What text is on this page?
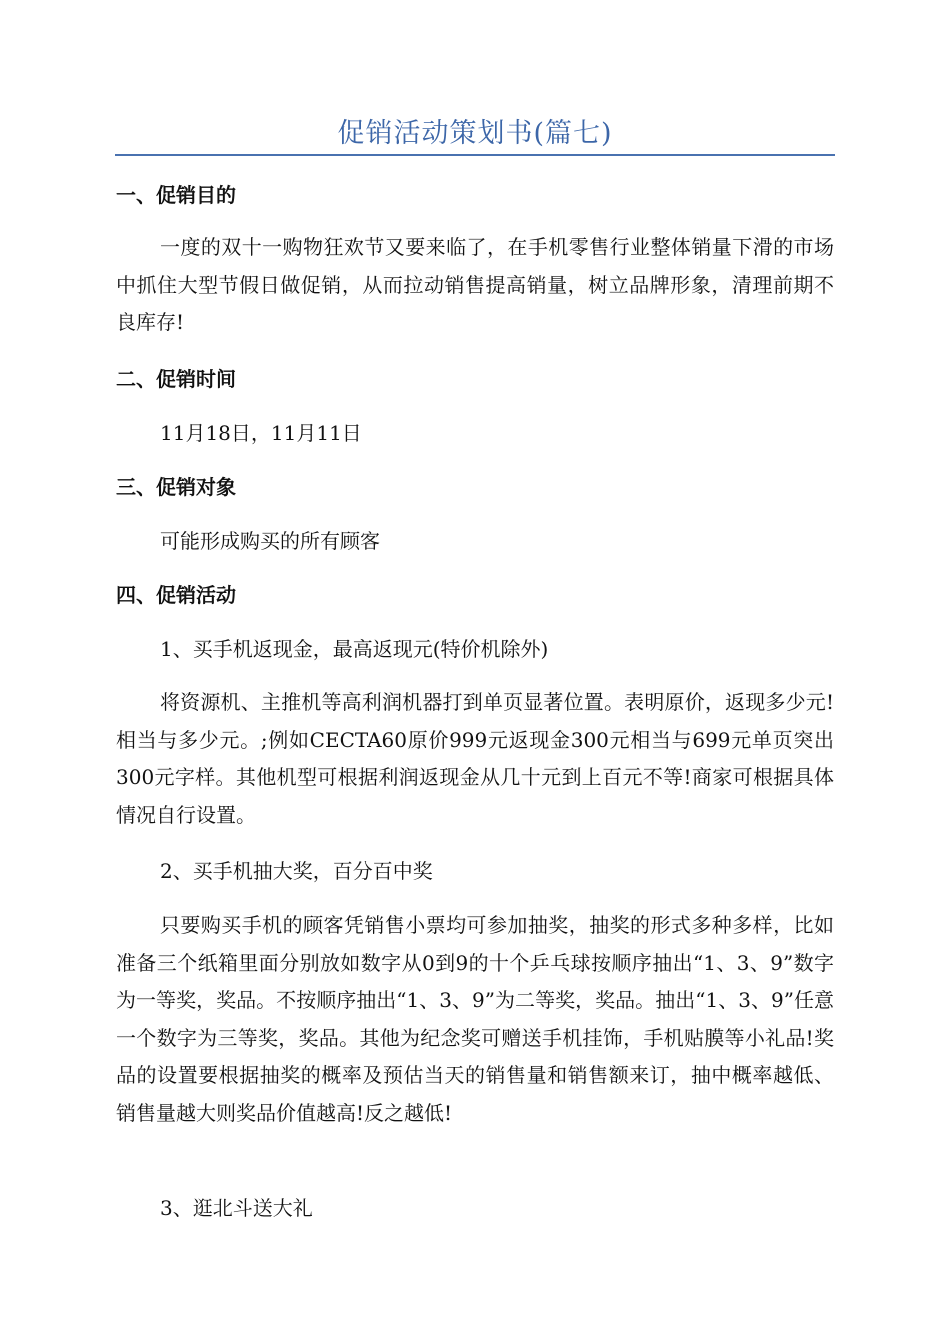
促销活动策划书(篇七)
一、促销目的
一度的双十一购物狂欢节又要来临了，在手机零售行业整体销量下滑的市场中抓住大型节假日做促销，从而拉动销售提高销量，树立品牌形象，清理前期不良库存!
二、促销时间
11月18日，11月11日
三、促销对象
可能形成购买的所有顾客
四、促销活动
1、买手机返现金，最高返现元(特价机除外)
将资源机、主推机等高利润机器打到单页显著位置。表明原价，返现多少元!相当与多少元。;例如CECTA60原价999元返现金300元相当与699元单页突出300元字样。其他机型可根据利润返现金从几十元到上百元不等!商家可根据具体情况自行设置。
2、买手机抽大奖，百分百中奖
只要购买手机的顾客凭销售小票均可参加抽奖，抽奖的形式多种多样，比如准备三个纸箱里面分别放如数字从0到9的十个乒乓球按顺序抽出“1、3、9”数字为一等奖，奖品。不按顺序抽出“1、3、9”为二等奖，奖品。抽出“1、3、9”任意一个数字为三等奖，奖品。其他为纪念奖可赠送手机挂饰，手机贴膜等小礼品!奖品的设置要根据抽奖的概率及预估当天的销售量和销售额来订，抽中概率越低、销售量越大则奖品价值越高!反之越低!
3、逛北斗送大礼
